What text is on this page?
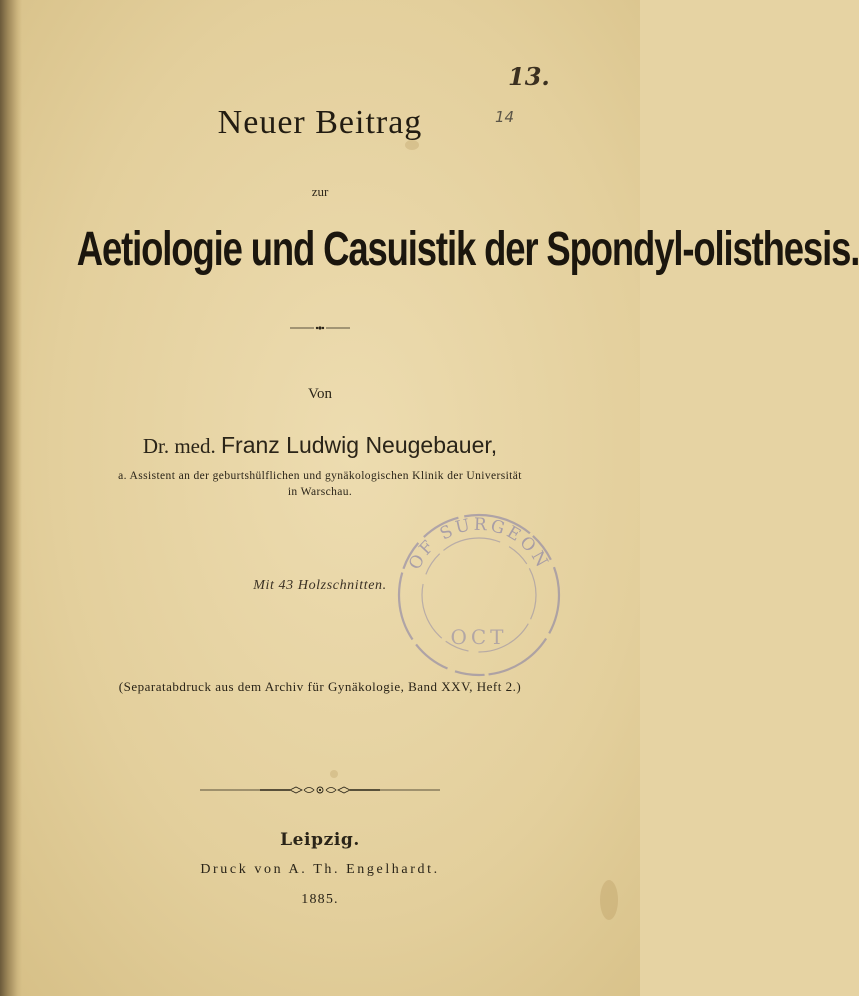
13.
14
Neuer Beitrag
zur
Aetiologie und Casuistik der Spondyl-olisthesis.
Von
Dr. med. Franz Ludwig Neugebauer,
a. Assistent an der geburtshülflichen und gynäkologischen Klinik der Universität
in Warschau.
OF SURGEON
OCT
Mit 43 Holzschnitten.
(Separatabdruck aus dem Archiv für Gynäkologie, Band XXV, Heft 2.)
Leipzig.
Druck von A. Th. Engelhardt.
1885.
